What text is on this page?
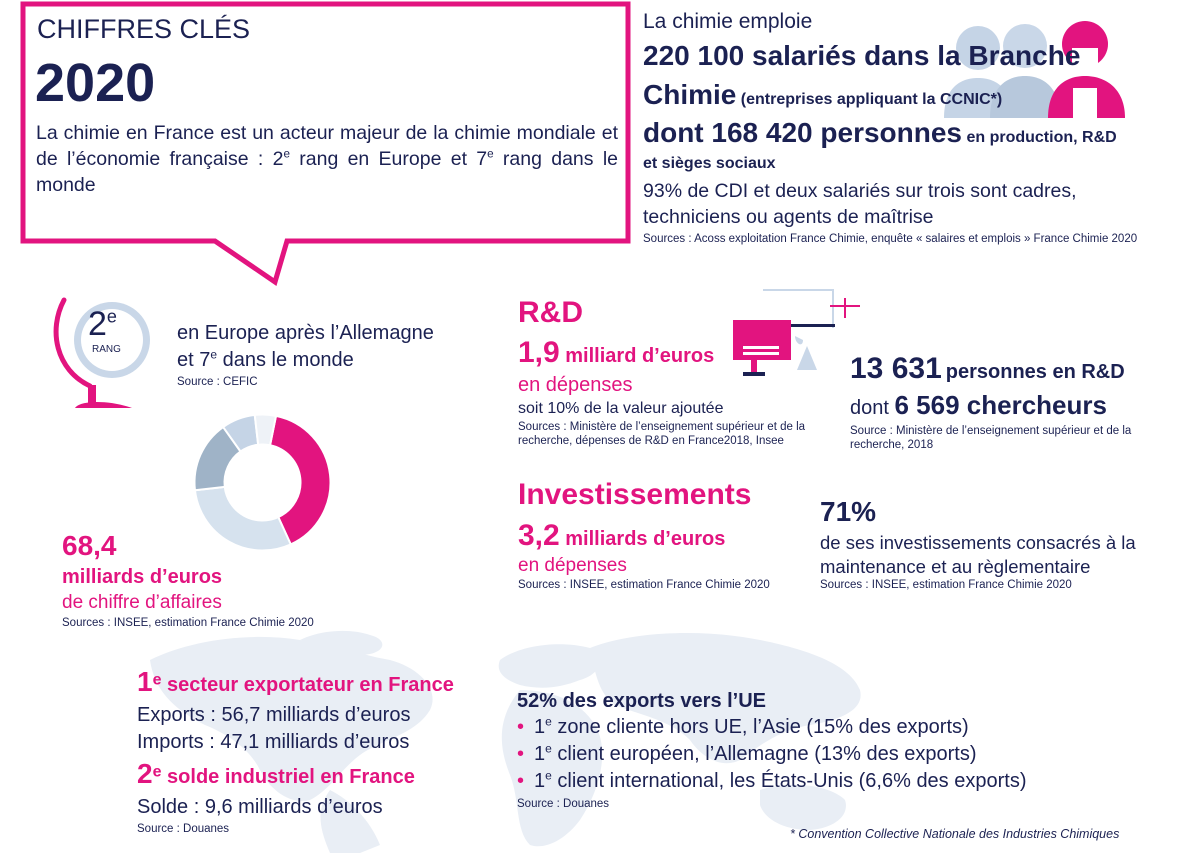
CHIFFRES CLÉS
2020
La chimie en France est un acteur majeur de la chimie mondiale et de l’économie française : 2e rang en Europe et 7e rang dans le monde
La chimie emploie
220 100 salariés dans la Branche
Chimie (entreprises appliquant la CCNIC*)
dont 168 420 personnes en production, R&D
et sièges sociaux
93% de CDI et deux salariés sur trois sont cadres,
techniciens ou agents de maîtrise
Sources : Acoss exploitation France Chimie, enquête « salaires et emplois » France Chimie 2020
2e
RANG
en Europe après l’Allemagne
et 7e dans le monde
Source : CEFIC
68,4
milliards d’euros
de chiffre d’affaires
Sources : INSEE, estimation France Chimie 2020
R&D
1,9 milliard d’euros
en dépenses
soit 10% de la valeur ajoutée
Sources : Ministère de l’enseignement supérieur et de la recherche, dépenses de R&D en France2018, Insee
13 631 personnes en R&D
dont 6 569 chercheurs
Source : Ministère de l’enseignement supérieur et de la recherche, 2018
Investissements
3,2 milliards d’euros
en dépenses
Sources : INSEE, estimation France Chimie 2020
71%
de ses investissements consacrés à la
maintenance et au règlementaire
Sources : INSEE, estimation France Chimie 2020
1e secteur exportateur en France
Exports : 56,7 milliards d’euros
Imports : 47,1 milliards d’euros
2e solde industriel en France
Solde : 9,6 milliards d’euros
Source : Douanes
52% des exports vers l’UE
• 1e zone cliente hors UE, l’Asie (15% des exports)
• 1e client européen, l’Allemagne (13% des exports)
• 1e client international, les États-Unis (6,6% des exports)
Source : Douanes
* Convention Collective Nationale des Industries Chimiques
